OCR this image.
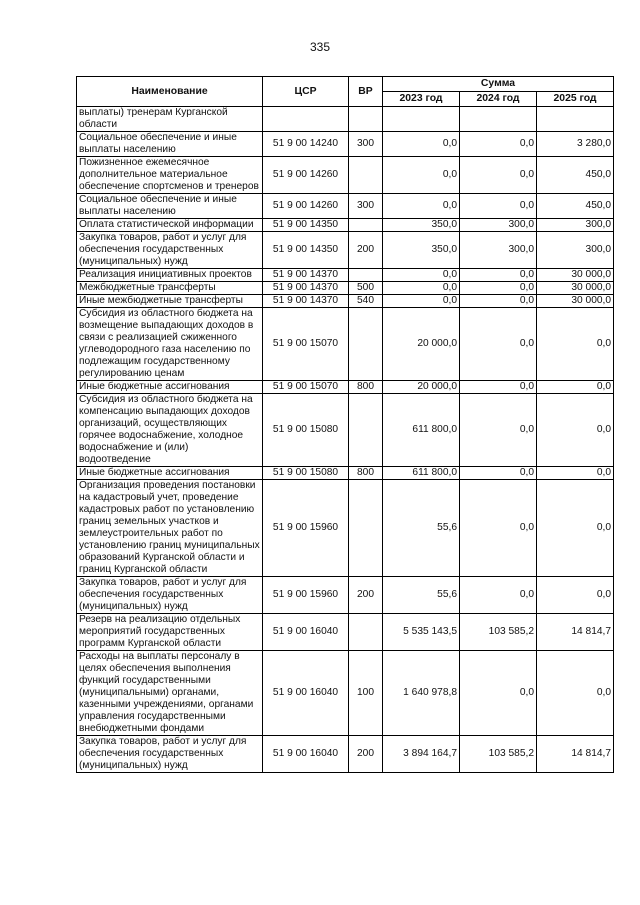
335
Наименование	ЦСР	ВР	Сумма		
			2023 год	2024 год	2025 год
выплаты) тренерам Курганской области					
Социальное обеспечение и иные выплаты населению	51 9 00 14240	300	0,0	0,0	3 280,0
Пожизненное ежемесячное дополнительное материальное обеспечение спортсменов и тренеров	51 9 00 14260		0,0	0,0	450,0
Социальное обеспечение и иные выплаты населению	51 9 00 14260	300	0,0	0,0	450,0
Оплата статистической информации	51 9 00 14350		350,0	300,0	300,0
Закупка товаров, работ и услуг для обеспечения государственных (муниципальных) нужд	51 9 00 14350	200	350,0	300,0	300,0
Реализация инициативных проектов	51 9 00 14370		0,0	0,0	30 000,0
Межбюджетные трансферты	51 9 00 14370	500	0,0	0,0	30 000,0
Иные межбюджетные трансферты	51 9 00 14370	540	0,0	0,0	30 000,0
Субсидия из областного бюджета на возмещение выпадающих доходов в связи с реализацией сжиженного углеводородного газа населению по подлежащим государственному регулированию ценам	51 9 00 15070		20 000,0	0,0	0,0
Иные бюджетные ассигнования	51 9 00 15070	800	20 000,0	0,0	0,0
Субсидия из областного бюджета на компенсацию выпадающих доходов организаций, осуществляющих горячее водоснабжение, холодное водоснабжение и (или) водоотведение	51 9 00 15080		611 800,0	0,0	0,0
Иные бюджетные ассигнования	51 9 00 15080	800	611 800,0	0,0	0,0
Организация проведения постановки на кадастровый учет, проведение кадастровых работ по установлению границ земельных участков и землеустроительных работ по установлению границ муниципальных образований Курганской области и границ Курганской области	51 9 00 15960		55,6	0,0	0,0
Закупка товаров, работ и услуг для обеспечения государственных (муниципальных) нужд	51 9 00 15960	200	55,6	0,0	0,0
Резерв на реализацию отдельных мероприятий государственных программ Курганской области	51 9 00 16040		5 535 143,5	103 585,2	14 814,7
Расходы на выплаты персоналу в целях обеспечения выполнения функций государственными (муниципальными) органами, казенными учреждениями, органами управления государственными внебюджетными фондами	51 9 00 16040	100	1 640 978,8	0,0	0,0
Закупка товаров, работ и услуг для обеспечения государственных (муниципальных) нужд	51 9 00 16040	200	3 894 164,7	103 585,2	14 814,7
